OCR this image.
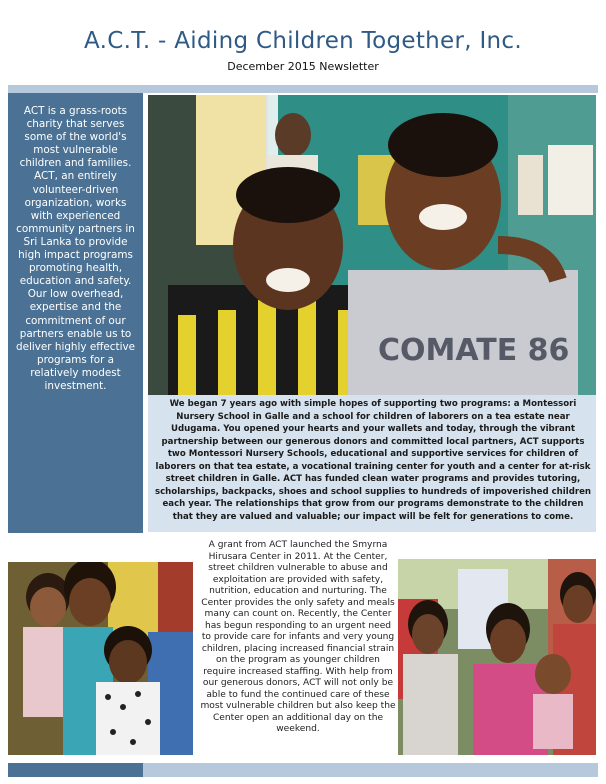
A.C.T. - Aiding Children Together, Inc.
December 2015 Newsletter
ACT is a grass-roots charity that serves some of the world's most vulnerable children and families. ACT, an entirely volunteer-driven organization, works with experienced community partners in Sri Lanka to provide high impact programs promoting health, education and safety. Our low overhead, expertise and the commitment of our partners enable us to deliver highly effective programs for a relatively modest investment.
COMATE 86
We began 7 years ago with simple hopes of supporting two programs: a Montessori Nursery School in Galle and a school for children of laborers on a tea estate near Udugama. You opened your hearts and your wallets and today, through the vibrant partnership between our generous donors and committed local partners, ACT supports two Montessori Nursery Schools, educational and supportive services for children of laborers on that tea estate, a vocational training center for youth and a center for at-risk street children in Galle. ACT has funded clean water programs and provides tutoring, scholarships, backpacks, shoes and school supplies to hundreds of impoverished children each year. The relationships that grow from our programs demonstrate to the children that they are valued and valuable; our impact will be felt for generations to come.
A grant from ACT launched the Smyrna Hirusara Center in 2011. At the Center, street children vulnerable to abuse and exploitation are provided with safety, nutrition, education and nurturing. The Center provides the only safety and meals many can count on. Recently, the Center has begun responding to an urgent need to provide care for infants and very young children, placing increased financial strain on the program as younger children require increased staffing. With help from our generous donors, ACT will not only be able to fund the continued care of these most vulnerable children but also keep the Center open an additional day on the weekend.
